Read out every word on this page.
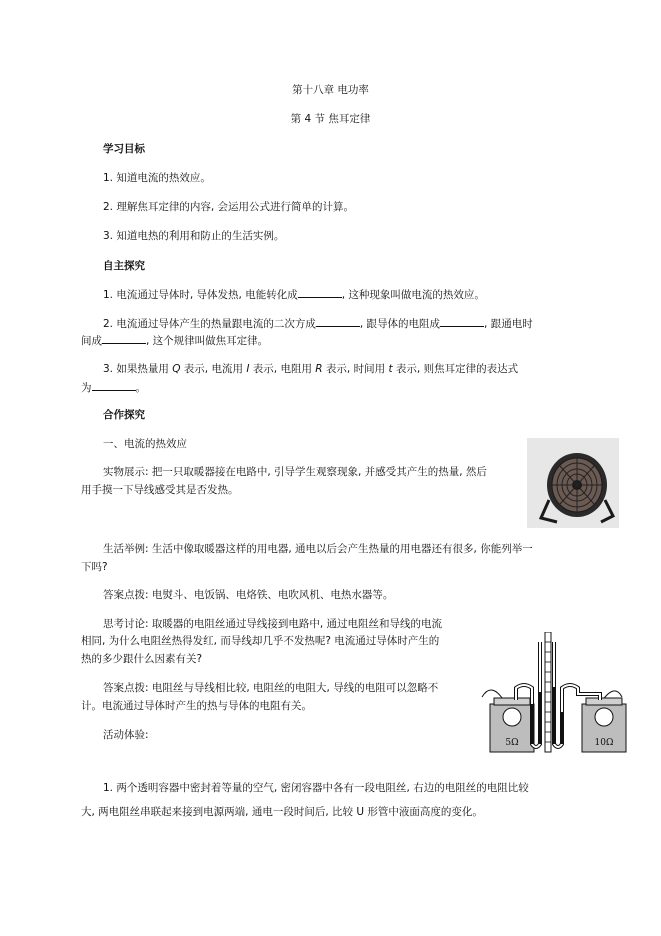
第十八章 电功率
第 4 节 焦耳定律
学习目标
1. 知道电流的热效应。
2. 理解焦耳定律的内容, 会运用公式进行简单的计算。
3. 知道电热的利用和防止的生活实例。
自主探究
1. 电流通过导体时, 导体发热, 电能转化成	, 这种现象叫做电流的热效应。
2. 电流通过导体产生的热量跟电流的二次方成	, 跟导体的电阻成	, 跟通电时
间成	, 这个规律叫做焦耳定律。
3. 如果热量用 Q 表示, 电流用 I 表示, 电阻用 R 表示, 时间用 t 表示, 则焦耳定律的表达式
为	。
合作探究
一、电流的热效应
实物展示: 把一只取暖器接在电路中, 引导学生观察现象, 并感受其产生的热量, 然后
用手摸一下导线感受其是否发热。
生活举例: 生活中像取暖器这样的用电器, 通电以后会产生热量的用电器还有很多, 你能列举一
下吗?
答案点拨: 电熨斗、电饭锅、电烙铁、电吹风机、电热水器等。
思考讨论: 取暖器的电阻丝通过导线接到电路中, 通过电阻丝和导线的电流
相同, 为什么电阻丝热得发红, 而导线却几乎不发热呢? 电流通过导体时产生的
热的多少跟什么因素有关?
答案点拨: 电阻丝与导线相比较, 电阻丝的电阻大, 导线的电阻可以忽略不
计。电流通过导体时产生的热与导体的电阻有关。
活动体验:
5Ω	10Ω
1. 两个透明容器中密封着等量的空气, 密闭容器中各有一段电阻丝, 右边的电阻丝的电阻比较
大, 两电阻丝串联起来接到电源两端, 通电一段时间后, 比较 U 形管中液面高度的变化。
